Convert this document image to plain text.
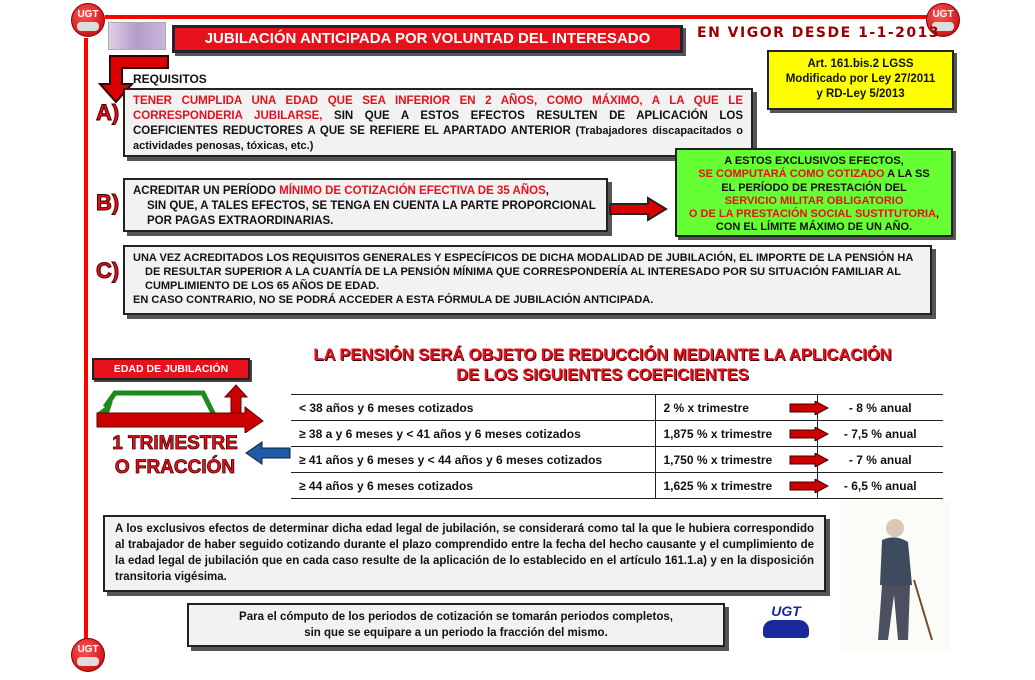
UGT	UGT
UGT
JUBILACIÓN ANTICIPADA POR VOLUNTAD DEL INTERESADO	EN VIGOR DESDE 1-1-2013
Art. 161.bis.2 LGSS
Modificado por Ley 27/2011
y RD-Ley 5/2013
REQUISITOS
A)	TENER CUMPLIDA UNA EDAD QUE SEA INFERIOR EN 2 AÑOS, COMO MÁXIMO, A LA QUE LE CORRESPONDERIA JUBILARSE, SIN QUE A ESTOS EFECTOS RESULTEN DE APLICACIÓN LOS COEFICIENTES REDUCTORES A QUE SE REFIERE EL APARTADO ANTERIOR (Trabajadores discapacitados o actividades penosas, tóxicas, etc.)
B)	ACREDITAR UN PERÍODO MÍNIMO DE COTIZACIÓN EFECTIVA DE 35 AÑOS,
SIN QUE, A TALES EFECTOS, SE TENGA EN CUENTA LA PARTE PROPORCIONAL POR PAGAS EXTRAORDINARIAS.
A ESTOS EXCLUSIVOS EFECTOS,
SE COMPUTARÁ COMO COTIZADO A LA SS
EL PERÍODO DE PRESTACIÓN DEL
SERVICIO MILITAR OBLIGATORIO
O DE LA PRESTACIÓN SOCIAL SUSTITUTORIA,
CON EL LÍMITE MÁXIMO DE UN AÑO.
C) UNA VEZ ACREDITADOS LOS REQUISITOS GENERALES Y ESPECÍFICOS DE DICHA MODALIDAD DE JUBILACIÓN, EL IMPORTE DE LA PENSIÓN HA DE RESULTAR SUPERIOR A LA CUANTÍA DE LA PENSIÓN MÍNIMA QUE CORRESPONDERÍA AL INTERESADO POR SU SITUACIÓN FAMILIAR AL CUMPLIMIENTO DE LOS 65 AÑOS DE EDAD.
EN CASO CONTRARIO, NO SE PODRÁ ACCEDER A ESTA FÓRMULA DE JUBILACIÓN ANTICIPADA.
LA PENSIÓN SERÁ OBJETO DE REDUCCIÓN MEDIANTE LA APLICACIÓN
DE LOS SIGUIENTES COEFICIENTES
EDAD DE JUBILACIÓN
1 TRIMESTRE
O FRACCIÓN
< 38 años y 6 meses cotizados	2 % x trimestre	- 8 % anual
≥ 38 a y 6 meses y < 41 años y 6 meses cotizados	1,875 % x trimestre	- 7,5 % anual
≥ 41 años y 6 meses y < 44 años y 6 meses cotizados	1,750 % x trimestre	- 7 % anual
≥ 44 años y 6 meses cotizados	1,625 % x trimestre	- 6,5 % anual
A los exclusivos efectos de determinar dicha edad legal de jubilación, se considerará como tal la que le hubiera correspondido al trabajador de haber seguido cotizando durante el plazo comprendido entre la fecha del hecho causante y el cumplimiento de la edad legal de jubilación que en cada caso resulte de la aplicación de lo establecido en el artículo 161.1.a) y en la disposición transitoria vigésima.
Para el cómputo de los periodos de cotización se tomarán periodos completos,
sin que se equipare a un periodo la fracción del mismo.
UGT
